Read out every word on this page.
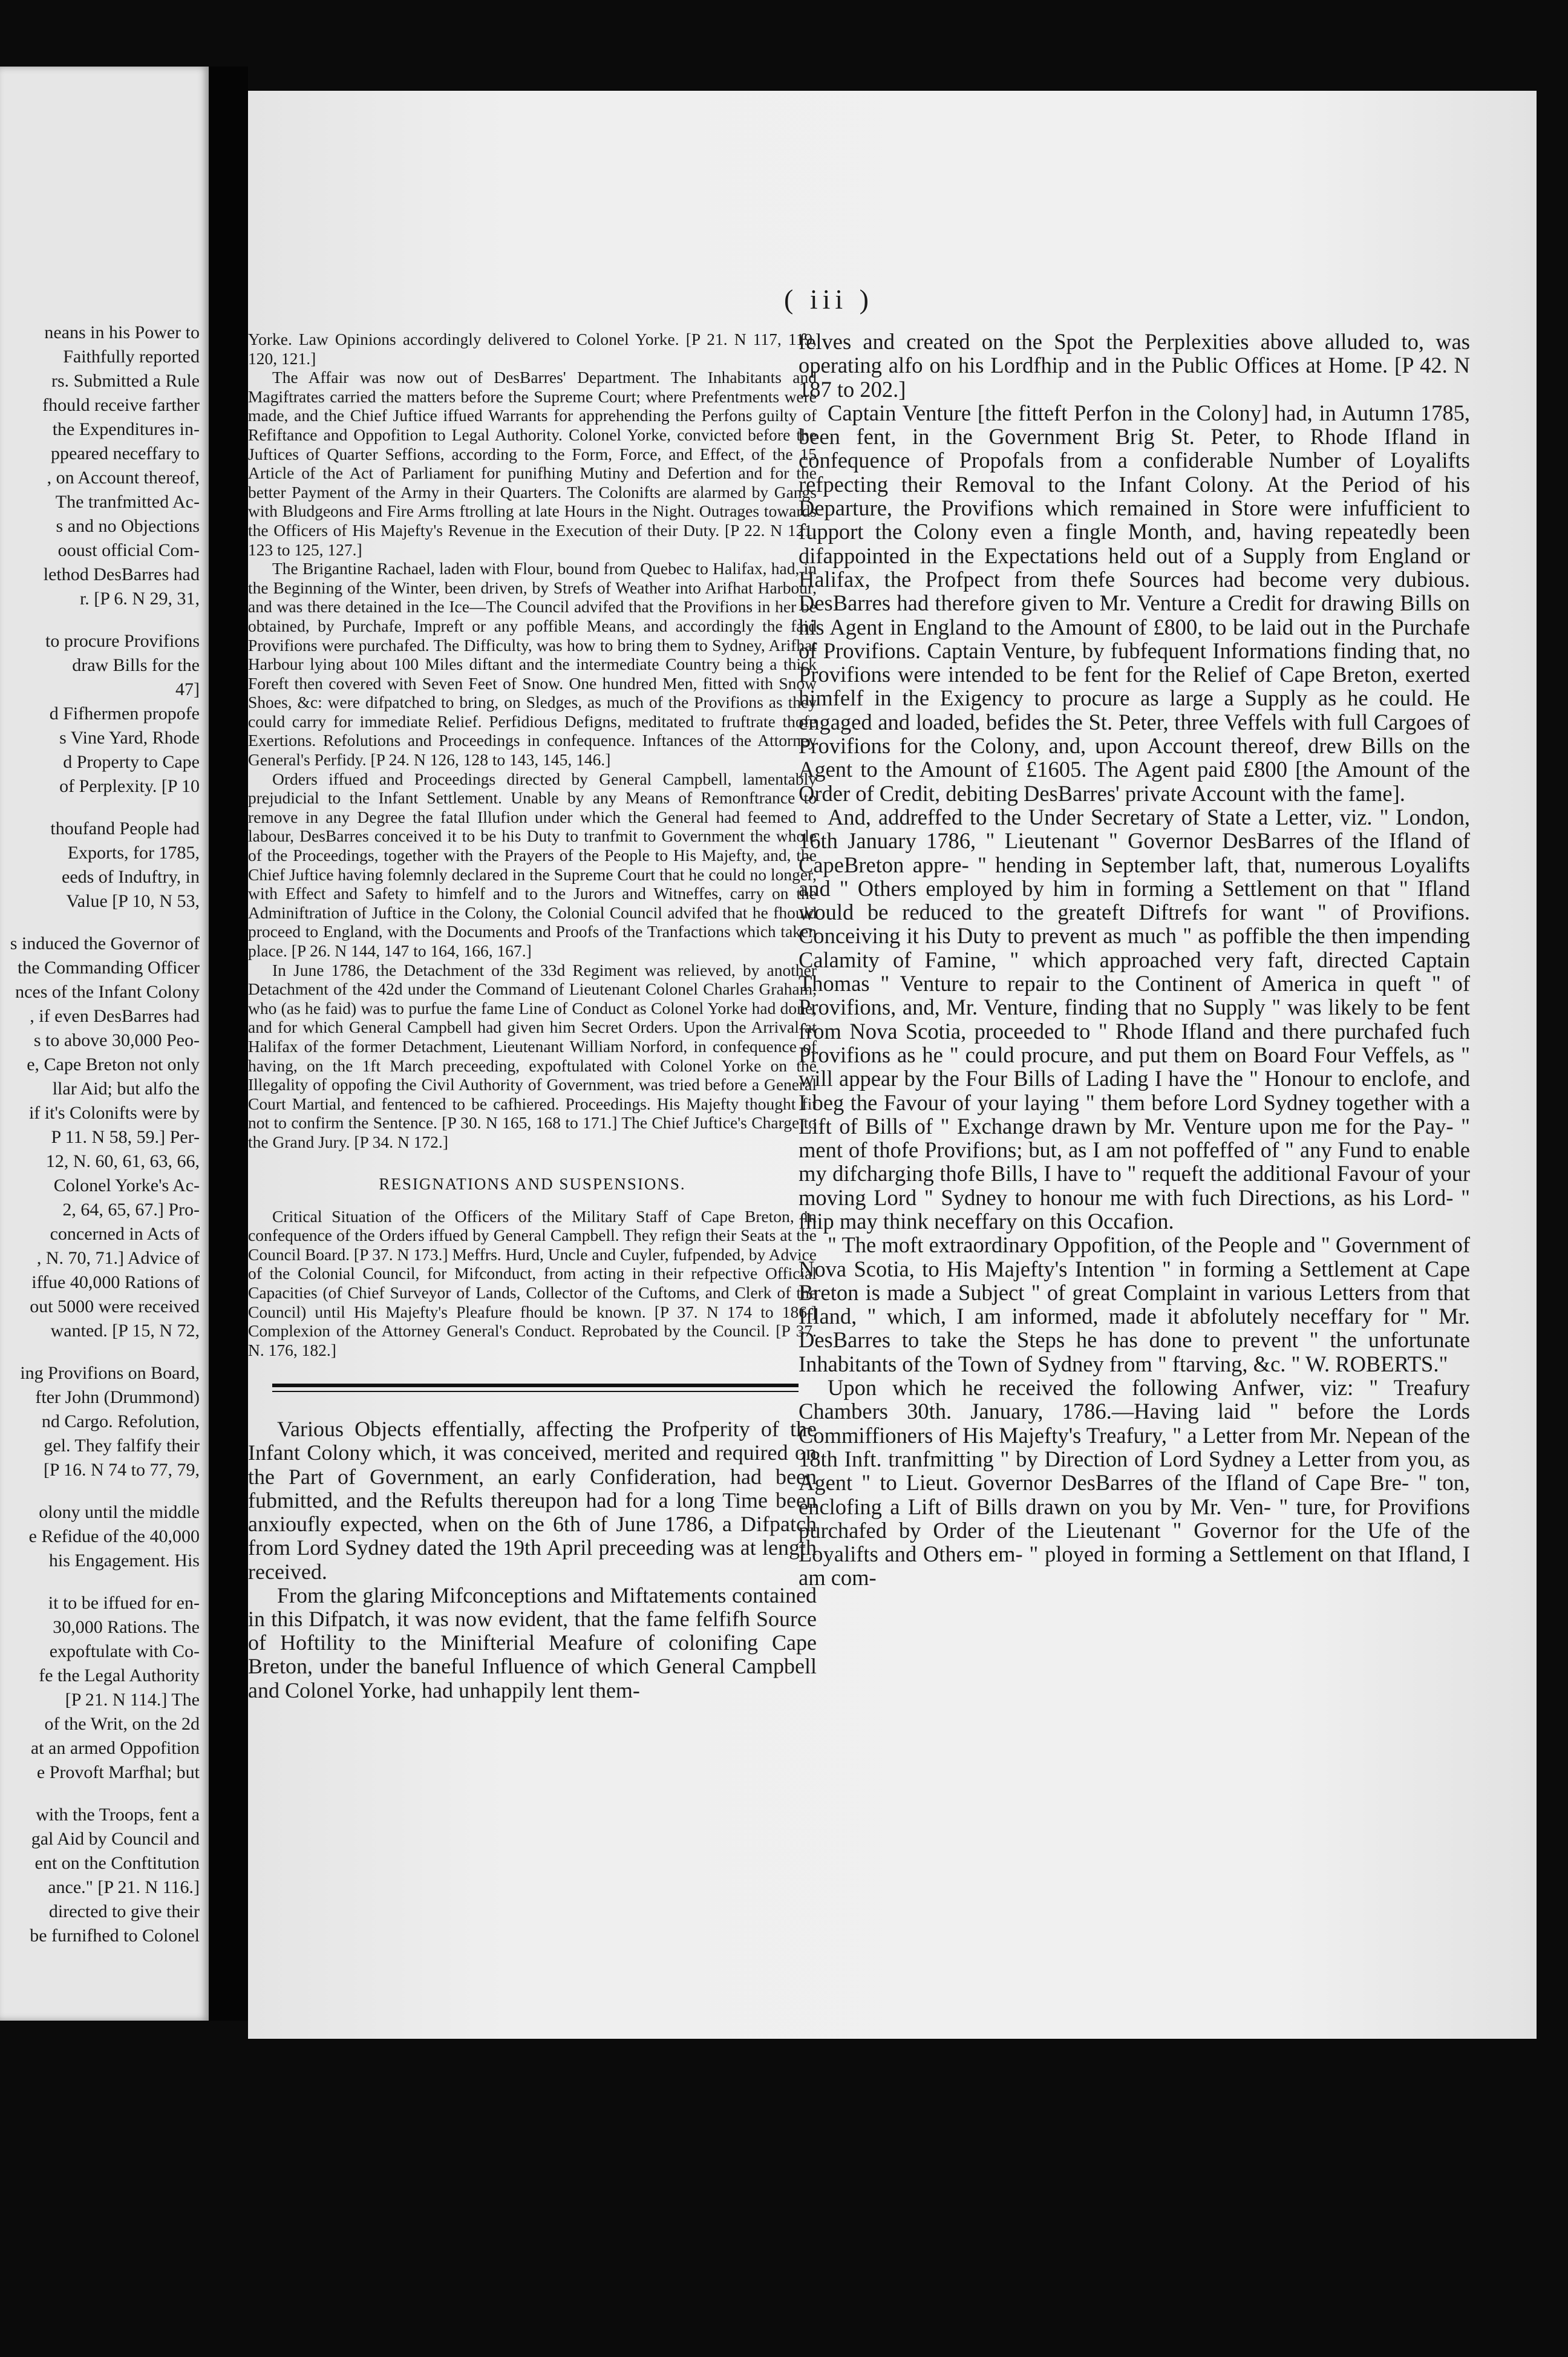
neans in his Power to
Faithfully reported
rs. Submitted a Rule
fhould receive farther
the Expenditures in-
ppeared neceffary to
, on Account thereof,
The tranfmitted Ac-
s and no Objections
ooust official Com-
lethod DesBarres had
r. [P 6. N 29, 31,
to procure Provifions
draw Bills for the
47]
d Fifhermen propofe
s Vine Yard, Rhode
d Property to Cape
of Perplexity. [P 10
thoufand People had
Exports, for 1785,
eeds of Induftry, in
Value [P 10, N 53,
s induced the Governor of
the Commanding Officer
nces of the Infant Colony
, if even DesBarres had
s to above 30,000 Peo-
e, Cape Breton not only
llar Aid; but alfo the
if it's Colonifts were by
P 11. N 58, 59.] Per-
12, N. 60, 61, 63, 66,
Colonel Yorke's Ac-
2, 64, 65, 67.] Pro-
concerned in Acts of
, N. 70, 71.] Advice of
iffue 40,000 Rations of
out 5000 were received
wanted. [P 15, N 72,
ing Provifions on Board,
fter John (Drummond)
nd Cargo. Refolution,
gel. They falfify their
[P 16. N 74 to 77, 79,
olony until the middle
e Refidue of the 40,000
his Engagement. His
it to be iffued for en-
30,000 Rations. The
expoftulate with Co-
fe the Legal Authority
[P 21. N 114.] The
of the Writ, on the 2d
at an armed Oppofition
e Provoft Marfhal; but
with the Troops, fent a
gal Aid by Council and
ent on the Conftitution
ance." [P 21. N 116.]
directed to give their
be furnifhed to Colonel
( iii )

Yorke. Law Opinions accordingly delivered to Colonel Yorke. [P 21. N 117, 119, 120, 121.]

The Affair was now out of DesBarres' Department. The Inhabitants and Magiftrates carried the matters before the Supreme Court; where Prefentments were made, and the Chief Juftice iffued Warrants for apprehending the Perfons guilty of Refiftance and Oppofition to Legal Authority. Colonel Yorke, convicted before the Juftices of Quarter Seffions, according to the Form, Force, and Effect, of the 15 Article of the Act of Parliament for punifhing Mutiny and Defertion and for the better Payment of the Army in their Quarters. The Colonifts are alarmed by Gangs with Bludgeons and Fire Arms ftrolling at late Hours in the Night. Outrages towards the Officers of His Majefty's Revenue in the Execution of their Duty. [P 22. N 121, 123 to 125, 127.]

The Brigantine Rachael, laden with Flour, bound from Quebec to Halifax, had, in the Beginning of the Winter, been driven, by Strefs of Weather into Arifhat Harbour, and was there detained in the Ice—The Council advifed that the Provifions in her be obtained, by Purchafe, Impreft or any poffible Means, and accordingly the faid Provifions were purchafed. The Difficulty, was how to bring them to Sydney, Arifhat Harbour lying about 100 Miles diftant and the intermediate Country being a thick Foreft then covered with Seven Feet of Snow. One hundred Men, fitted with Snow Shoes, &c: were difpatched to bring, on Sledges, as much of the Provifions as they could carry for immediate Relief. Perfidious Defigns, meditated to fruftrate thofe Exertions. Refolutions and Proceedings in confequence. Inftances of the Attorney General's Perfidy. [P 24. N 126, 128 to 143, 145, 146.]

Orders iffued and Proceedings directed by General Campbell, lamentably prejudicial to the Infant Settlement. Unable by any Means of Remonftrance to remove in any Degree the fatal Illufion under which the General had feemed to labour, DesBarres conceived it to be his Duty to tranfmit to Government the whole of the Proceedings, together with the Prayers of the People to His Majefty, and, the Chief Juftice having folemnly declared in the Supreme Court that he could no longer, with Effect and Safety to himfelf and to the Jurors and Witneffes, carry on the Adminiftration of Juftice in the Colony, the Colonial Council advifed that he fhould proceed to England, with the Documents and Proofs of the Tranfactions which taken place. [P 26. N 144, 147 to 164, 166, 167.]

In June 1786, the Detachment of the 33d Regiment was relieved, by another Detachment of the 42d under the Command of Lieutenant Colonel Charles Graham, who (as he faid) was to purfue the fame Line of Conduct as Colonel Yorke had done, and for which General Campbell had given him Secret Orders. Upon the Arrival at Halifax of the former Detachment, Lieutenant William Norford, in confequence of having, on the 1ft March preceeding, expoftulated with Colonel Yorke on the Illegality of oppofing the Civil Authority of Government, was tried before a General Court Martial, and fentenced to be cafhiered. Proceedings. His Majefty thought fit not to confirm the Sentence. [P 30. N 165, 168 to 171.] The Chief Juftice's Charge to the Grand Jury. [P 34. N 172.]

RESIGNATIONS AND SUSPENSIONS.

Critical Situation of the Officers of the Military Staff of Cape Breton, in confequence of the Orders iffued by General Campbell. They refign their Seats at the Council Board. [P 37. N 173.] Meffrs. Hurd, Uncle and Cuyler, fufpended, by Advice of the Colonial Council, for Mifconduct, from acting in their refpective Official Capacities (of Chief Surveyor of Lands, Collector of the Cuftoms, and Clerk of the Council) until His Majefty's Pleafure fhould be known. [P 37. N 174 to 186.] Complexion of the Attorney General's Conduct. Reprobated by the Council. [P 37. N. 176, 182.]

Various Objects effentially, affecting the Profperity of the Infant Colony which, it was conceived, merited and required on the Part of Government, an early Confideration, had been fubmitted, and the Refults thereupon had for a long Time been anxioufly expected, when on the 6th of June 1786, a Difpatch from Lord Sydney dated the 19th April preceeding was at length received.

From the glaring Mifconceptions and Miftatements contained in this Difpatch, it was now evident, that the fame felfifh Source of Hoftility to the Minifterial Meafure of colonifing Cape Breton, under the baneful Influence of which General Campbell and Colonel Yorke, had unhappily lent them-

felves and created on the Spot the Perplexities above alluded to, was operating alfo on his Lordfhip and in the Public Offices at Home. [P 42. N 187 to 202.]

Captain Venture [the fitteft Perfon in the Colony] had, in Autumn 1785, been fent, in the Government Brig St. Peter, to Rhode Ifland in confequence of Propofals from a confiderable Number of Loyalifts refpecting their Removal to the Infant Colony. At the Period of his Departure, the Provifions which remained in Store were infufficient to fupport the Colony even a fingle Month, and, having repeatedly been difappointed in the Expectations held out of a Supply from England or Halifax, the Profpect from thefe Sources had become very dubious. DesBarres had therefore given to Mr. Venture a Credit for drawing Bills on his Agent in England to the Amount of £800, to be laid out in the Purchafe of Provifions. Captain Venture, by fubfequent Informations finding that, no Provifions were intended to be fent for the Relief of Cape Breton, exerted himfelf in the Exigency to procure as large a Supply as he could. He engaged and loaded, befides the St. Peter, three Veffels with full Cargoes of Provifions for the Colony, and, upon Account thereof, drew Bills on the Agent to the Amount of £1605. The Agent paid £800 [the Amount of the Order of Credit, debiting DesBarres' private Account with the fame].

And, addreffed to the Under Secretary of State a Letter, viz. " London, 16th January 1786, " Lieutenant " Governor DesBarres of the Ifland of CapeBreton appre- " hending in September laft, that, numerous Loyalifts and " Others employed by him in forming a Settlement on that " Ifland would be reduced to the greateft Diftrefs for want " of Provifions. Conceiving it his Duty to prevent as much " as poffible the then impending Calamity of Famine, " which approached very faft, directed Captain Thomas " Venture to repair to the Continent of America in queft " of Provifions, and, Mr. Venture, finding that no Supply " was likely to be fent from Nova Scotia, proceeded to " Rhode Ifland and there purchafed fuch Provifions as he " could procure, and put them on Board Four Veffels, as " will appear by the Four Bills of Lading I have the " Honour to enclofe, and I beg the Favour of your laying " them before Lord Sydney together with a Lift of Bills of " Exchange drawn by Mr. Venture upon me for the Pay- " ment of thofe Provifions; but, as I am not poffeffed of " any Fund to enable my difcharging thofe Bills, I have to " requeft the additional Favour of your moving Lord " Sydney to honour me with fuch Directions, as his Lord- " fhip may think neceffary on this Occafion.

" The moft extraordinary Oppofition, of the People and " Government of Nova Scotia, to His Majefty's Intention " in forming a Settlement at Cape Breton is made a Subject " of great Complaint in various Letters from that Ifland, " which, I am informed, made it abfolutely neceffary for " Mr. DesBarres to take the Steps he has done to prevent " the unfortunate Inhabitants of the Town of Sydney from " ftarving, &c. " W. ROBERTS."

Upon which he received the following Anfwer, viz: " Treafury Chambers 30th. January, 1786.—Having laid " before the Lords Commiffioners of His Majefty's Treafury, " a Letter from Mr. Nepean of the 18th Inft. tranfmitting " by Direction of Lord Sydney a Letter from you, as Agent " to Lieut. Governor DesBarres of the Ifland of Cape Bre- " ton, enclofing a Lift of Bills drawn on you by Mr. Ven- " ture, for Provifions purchafed by Order of the Lieutenant " Governor for the Ufe of the Loyalifts and Others em- " ployed in forming a Settlement on that Ifland, I am com-
